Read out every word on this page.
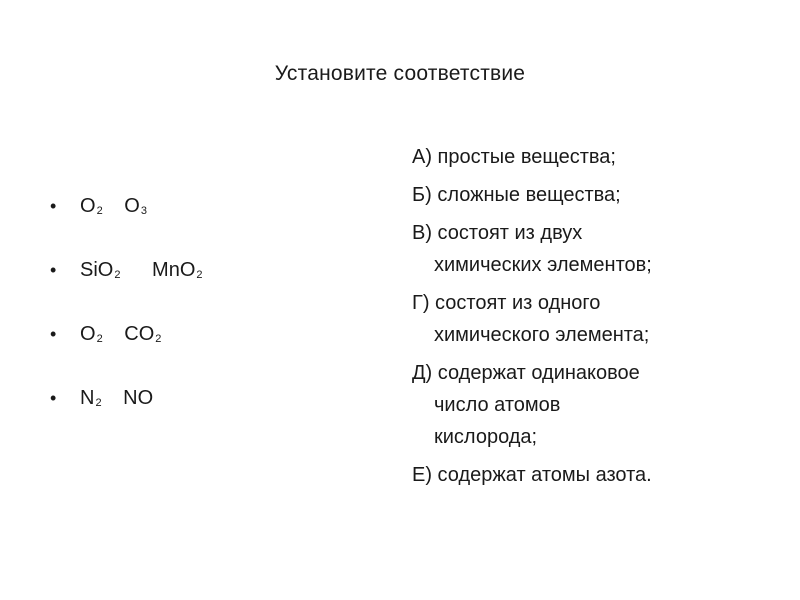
Установите соответствие
• O2 O3
• SiO2 MnO2
• O2 CO2
• N2 NO
А) простые вещества;
Б) сложные вещества;
В) состоят из двух
химических элементов;
Г) состоят из одного
химического элемента;
Д) содержат одинаковое
число атомов
кислорода;
Е) содержат атомы азота.
